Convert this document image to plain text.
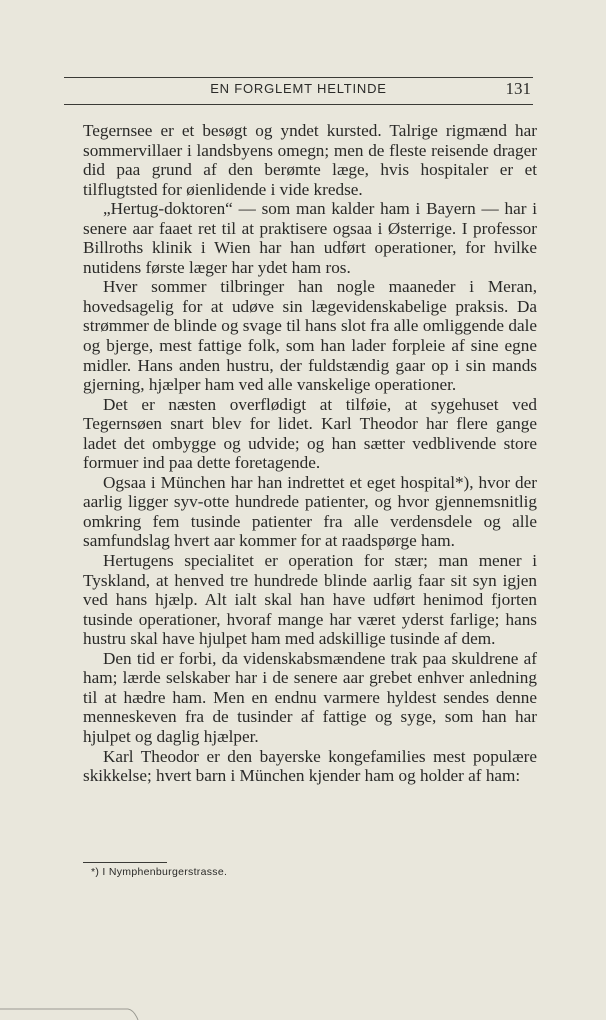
EN FORGLEMT HELTINDE	131

Tegernsee er et besøgt og yndet kursted. Talrige rigmænd har sommervillaer i landsbyens omegn; men de fleste reisende drager did paa grund af den berømte læge, hvis hospitaler er et tilflugtsted for øienlidende i vide kredse.

„Hertug-doktoren“ — som man kalder ham i Bayern — har i senere aar faaet ret til at praktisere ogsaa i Østerrige. I professor Billroths klinik i Wien har han udført operationer, for hvilke nutidens første læger har ydet ham ros.

Hver sommer tilbringer han nogle maaneder i Meran, hovedsagelig for at udøve sin lægevidenskabelige praksis. Da strømmer de blinde og svage til hans slot fra alle omliggende dale og bjerge, mest fattige folk, som han lader forpleie af sine egne midler. Hans anden hustru, der fuldstændig gaar op i sin mands gjerning, hjælper ham ved alle vanskelige operationer.

Det er næsten overflødigt at tilføie, at sygehuset ved Tegernsøen snart blev for lidet. Karl Theodor har flere gange ladet det ombygge og udvide; og han sætter vedblivende store formuer ind paa dette foretagende.

Ogsaa i München har han indrettet et eget hospital*), hvor der aarlig ligger syv-otte hundrede patienter, og hvor gjennemsnitlig omkring fem tusinde patienter fra alle verdensdele og alle samfundslag hvert aar kommer for at raadspørge ham.

Hertugens specialitet er operation for stær; man mener i Tyskland, at henved tre hundrede blinde aarlig faar sit syn igjen ved hans hjælp. Alt ialt skal han have udført henimod fjorten tusinde operationer, hvoraf mange har været yderst farlige; hans hustru skal have hjulpet ham med adskillige tusinde af dem.

Den tid er forbi, da videnskabsmændene trak paa skuldrene af ham; lærde selskaber har i de senere aar grebet enhver anledning til at hædre ham. Men en endnu varmere hyldest sendes denne menneskeven fra de tusinder af fattige og syge, som han har hjulpet og daglig hjælper.

Karl Theodor er den bayerske kongefamilies mest populære skikkelse; hvert barn i München kjender ham og holder af ham:

*) I Nymphenburgerstrasse.
